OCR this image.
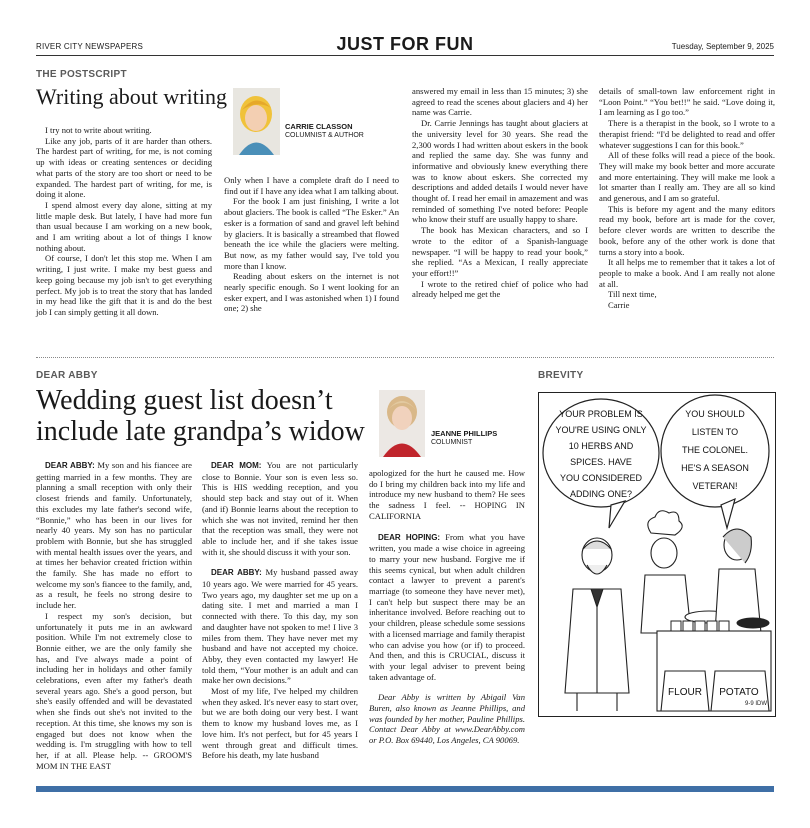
RIVER CITY NEWSPAPERS	JUST FOR FUN	Tuesday, September 9, 2025
THE POSTSCRIPT
Writing about writing
CARRIE CLASSON
COLUMNIST & AUTHOR

I try not to write about writing.

Like any job, parts of it are harder than others. The hardest part of writing, for me, is not coming up with ideas or creating sentences or deciding what parts of the story are too short or need to be expanded. The hardest part of writing, for me, is doing it alone.

I spend almost every day alone, sitting at my little maple desk. But lately, I have had more fun than usual because I am working on a new book, and I am writing about a lot of things I know nothing about.

Of course, I don't let this stop me. When I am writing, I just write. I make my best guess and keep going because my job isn't to get everything perfect. My job is to treat the story that has landed in my head like the gift that it is and do the best job I can simply getting it all down.

Only when I have a complete draft do I need to find out if I have any idea what I am talking about.

For the book I am just finishing, I write a lot about glaciers. The book is called “The Esker.” An esker is a formation of sand and gravel left behind by glaciers. It is basically a streambed that flowed beneath the ice while the glaciers were melting. But now, as my father would say, I've told you more than I know.

Reading about eskers on the internet is not nearly specific enough. So I went looking for an esker expert, and I was astonished when 1) I found one; 2) she

answered my email in less than 15 minutes; 3) she agreed to read the scenes about glaciers and 4) her name was Carrie.

Dr. Carrie Jennings has taught about glaciers at the university level for 30 years. She read the 2,300 words I had written about eskers in the book and replied the same day. She was funny and informative and obviously knew everything there was to know about eskers. She corrected my descriptions and added details I would never have thought of. I read her email in amazement and was reminded of something I've noted before: People who know their stuff are usually happy to share.

The book has Mexican characters, and so I wrote to the editor of a Spanish-language newspaper. “I will be happy to read your book,” she replied. “As a Mexican, I really appreciate your effort!!”

I wrote to the retired chief of police who had already helped me get the

details of small-town law enforcement right in “Loon Point.” “You bet!!” he said. “Love doing it, I am learning as I go too.”

There is a therapist in the book, so I wrote to a therapist friend: “I'd be delighted to read and offer whatever suggestions I can for this book.”

All of these folks will read a piece of the book. They will make my book better and more accurate and more entertaining. They will make me look a lot smarter than I really am. They are all so kind and generous, and I am so grateful.

This is before my agent and the many editors read my book, before art is made for the cover, before clever words are written to describe the book, before any of the other work is done that turns a story into a book.

It all helps me to remember that it takes a lot of people to make a book. And I am really not alone at all.

Till next time,

Carrie

DEAR ABBY
Wedding guest list doesn’t include late grandpa’s widow	JEANNE PHILLIPS
COLUMNIST

DEAR ABBY: My son and his fiancee are getting married in a few months. They are planning a small reception with only their closest friends and family. Unfortunately, this excludes my late father's second wife, “Bonnie,” who has been in our lives for nearly 40 years. My son has no particular problem with Bonnie, but she has struggled with mental health issues over the years, and at times her behavior created friction within the family. She has made no effort to welcome my son's fiancee to the family, and, as a result, he feels no strong desire to include her.

I respect my son's decision, but unfortunately it puts me in an awkward position. While I'm not extremely close to Bonnie either, we are the only family she has, and I've always made a point of including her in holidays and other family celebrations, even after my father's death several years ago. She's a good person, but she's easily offended and will be devastated when she finds out she's not invited to the reception. At this time, she knows my son is engaged but does not know when the wedding is. I'm struggling with how to tell her, if at all. Please help. -- GROOM'S MOM IN THE EAST

DEAR MOM: You are not particularly close to Bonnie. Your son is even less so. This is HIS wedding reception, and you should step back and stay out of it. When (and if) Bonnie learns about the reception to which she was not invited, remind her then that the reception was small, they were not able to include her, and if she takes issue with it, she should discuss it with your son.

DEAR ABBY: My husband passed away 10 years ago. We were married for 45 years. Two years ago, my daughter set me up on a dating site. I met and married a man I connected with there. To this day, my son and daughter have not spoken to me! I live 3 miles from them. They have never met my husband and have not accepted my choice. Abby, they even contacted my lawyer! He told them, “Your mother is an adult and can make her own decisions.”

Most of my life, I've helped my children when they asked. It's never easy to start over, but we are both doing our very best. I want them to know my husband loves me, as I love him. It's not perfect, but for 45 years I went through great and difficult times. Before his death, my late husband

apologized for the hurt he caused me. How do I bring my children back into my life and introduce my new husband to them? He sees the sadness I feel. -- HOPING IN CALIFORNIA

DEAR HOPING: From what you have written, you made a wise choice in agreeing to marry your new husband. Forgive me if this seems cynical, but when adult children contact a lawyer to prevent a parent's marriage (to someone they have never met), I can't help but suspect there may be an inheritance involved. Before reaching out to your children, please schedule some sessions with a licensed marriage and family therapist who can advise you how (or if) to proceed. And then, and this is CRUCIAL, discuss it with your legal adviser to prevent being taken advantage of.

Dear Abby is written by Abigail Van Buren, also known as Jeanne Phillips, and was founded by her mother, Pauline Phillips. Contact Dear Abby at www.DearAbby.com or P.O. Box 69440, Los Angeles, CA 90069.

BREVITY
YOUR PROBLEM IS
YOU'RE USING ONLY
10 HERBS AND
SPICES. HAVE
YOU CONSIDERED
ADDING ONE?
YOU SHOULD
LISTEN TO
THE COLONEL.
HE'S A SEASON
VETERAN!
FLOUR POTATO
9-9 IDW
